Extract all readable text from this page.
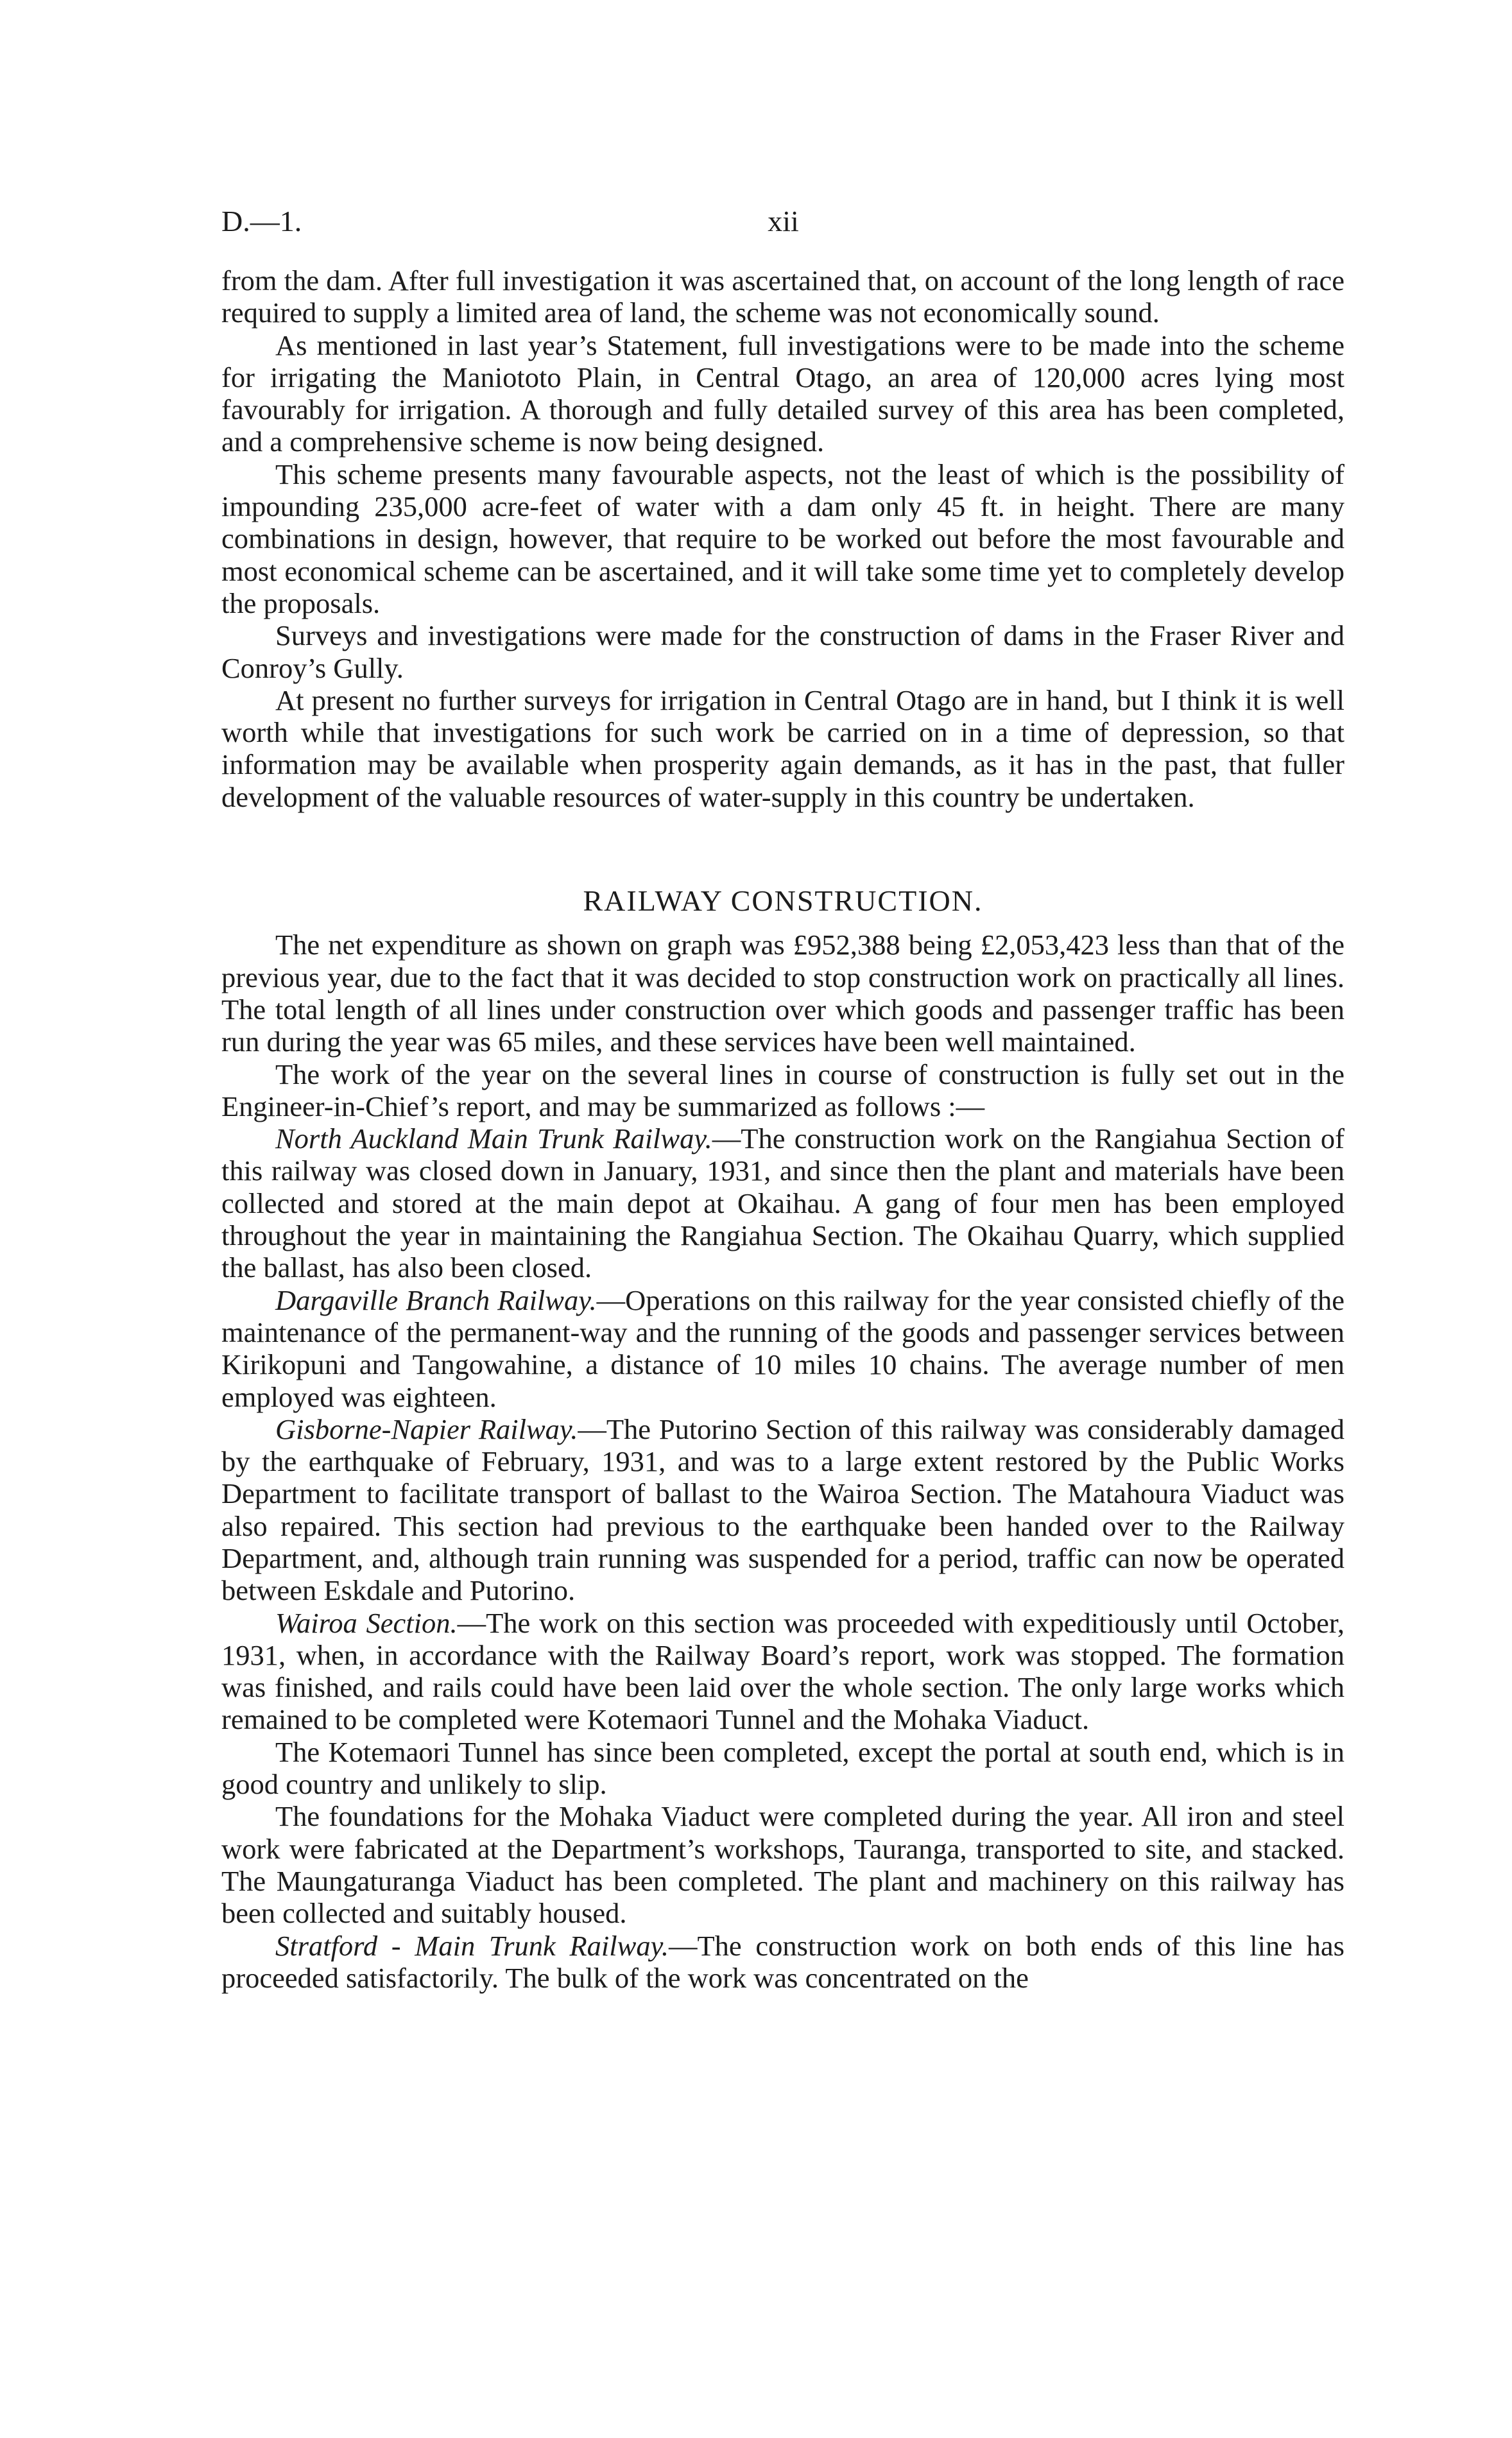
D.—1.	xii

from the dam. After full investigation it was ascertained that, on account of the long length of race required to supply a limited area of land, the scheme was not economically sound.

As mentioned in last year’s Statement, full investigations were to be made into the scheme for irrigating the Maniototo Plain, in Central Otago, an area of 120,000 acres lying most favourably for irrigation. A thorough and fully detailed survey of this area has been completed, and a comprehensive scheme is now being designed.

This scheme presents many favourable aspects, not the least of which is the possibility of impounding 235,000 acre-feet of water with a dam only 45 ft. in height. There are many combinations in design, however, that require to be worked out before the most favourable and most economical scheme can be ascertained, and it will take some time yet to completely develop the proposals.

Surveys and investigations were made for the construction of dams in the Fraser River and Conroy’s Gully.

At present no further surveys for irrigation in Central Otago are in hand, but I think it is well worth while that investigations for such work be carried on in a time of depression, so that information may be available when prosperity again demands, as it has in the past, that fuller development of the valuable resources of water-supply in this country be undertaken.

RAILWAY CONSTRUCTION.

The net expenditure as shown on graph was £952,388 being £2,053,423 less than that of the previous year, due to the fact that it was decided to stop construction work on practically all lines. The total length of all lines under construction over which goods and passenger traffic has been run during the year was 65 miles, and these services have been well maintained.

The work of the year on the several lines in course of construction is fully set out in the Engineer-in-Chief’s report, and may be summarized as follows :—

North Auckland Main Trunk Railway.—The construction work on the Rangiahua Section of this railway was closed down in January, 1931, and since then the plant and materials have been collected and stored at the main depot at Okaihau. A gang of four men has been employed throughout the year in maintaining the Rangiahua Section. The Okaihau Quarry, which supplied the ballast, has also been closed.

Dargaville Branch Railway.—Operations on this railway for the year consisted chiefly of the maintenance of the permanent-way and the running of the goods and passenger services between Kirikopuni and Tangowahine, a distance of 10 miles 10 chains. The average number of men employed was eighteen.

Gisborne-Napier Railway.—The Putorino Section of this railway was considerably damaged by the earthquake of February, 1931, and was to a large extent restored by the Public Works Department to facilitate transport of ballast to the Wairoa Section. The Matahoura Viaduct was also repaired. This section had previous to the earthquake been handed over to the Railway Department, and, although train running was suspended for a period, traffic can now be operated between Eskdale and Putorino.

Wairoa Section.—The work on this section was proceeded with expeditiously until October, 1931, when, in accordance with the Railway Board’s report, work was stopped. The formation was finished, and rails could have been laid over the whole section. The only large works which remained to be completed were Kotemaori Tunnel and the Mohaka Viaduct.

The Kotemaori Tunnel has since been completed, except the portal at south end, which is in good country and unlikely to slip.

The foundations for the Mohaka Viaduct were completed during the year. All iron and steel work were fabricated at the Department’s workshops, Tauranga, transported to site, and stacked. The Maungaturanga Viaduct has been completed. The plant and machinery on this railway has been collected and suitably housed.

Stratford - Main Trunk Railway.—The construction work on both ends of this line has proceeded satisfactorily. The bulk of the work was concentrated on the
